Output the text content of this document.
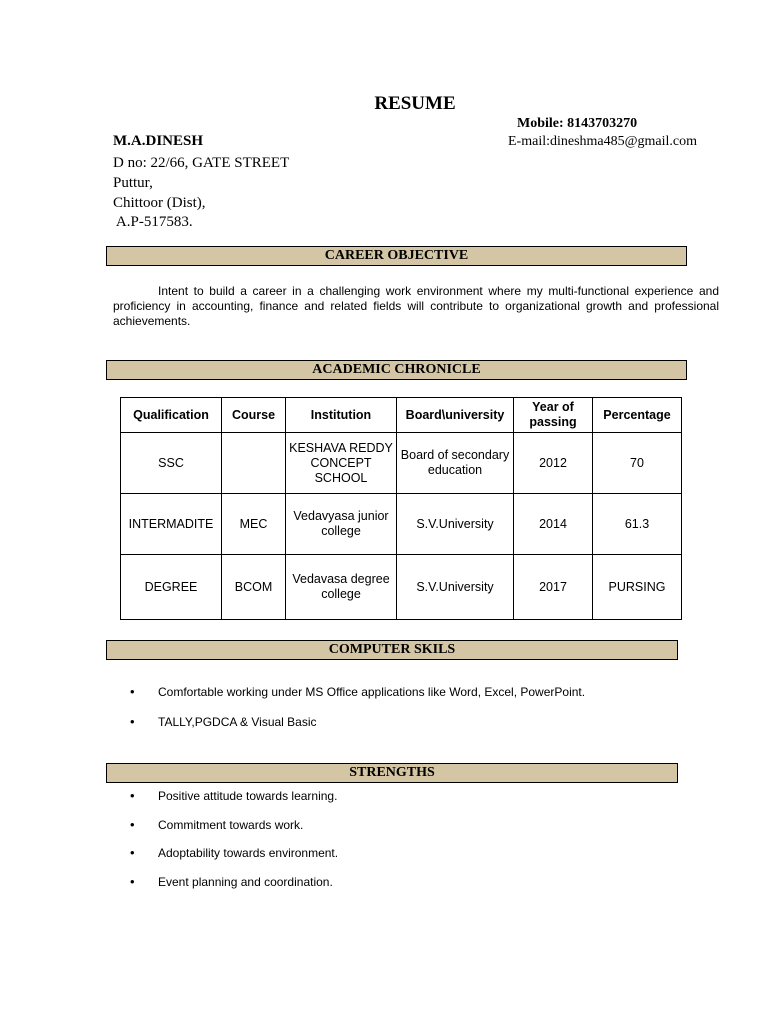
RESUME
Mobile: 8143703270
E-mail:dineshma485@gmail.com
M.A.DINESH
D no: 22/66, GATE STREET
Puttur,
Chittoor (Dist),
A.P-517583.
CAREER OBJECTIVE
Intent to build a career in a challenging work environment where my multi-functional experience and proficiency in accounting, finance and related fields will contribute to organizational growth and professional achievements.
ACADEMIC CHRONICLE
Qualification	Course	Institution	Board\university	Year of passing	Percentage
SSC		KESHAVA REDDY CONCEPT SCHOOL	Board of secondary education	2012	70
INTERMADITE	MEC	Vedavyasa junior college	S.V.University	2014	61.3
DEGREE	BCOM	Vedavasa degree college	S.V.University	2017	PURSING
COMPUTER SKILS
• Comfortable working under MS Office applications like Word, Excel, PowerPoint.
• TALLY,PGDCA & Visual Basic
STRENGTHS
• Positive attitude towards learning.
• Commitment towards work.
• Adoptability towards environment.
• Event planning and coordination.
